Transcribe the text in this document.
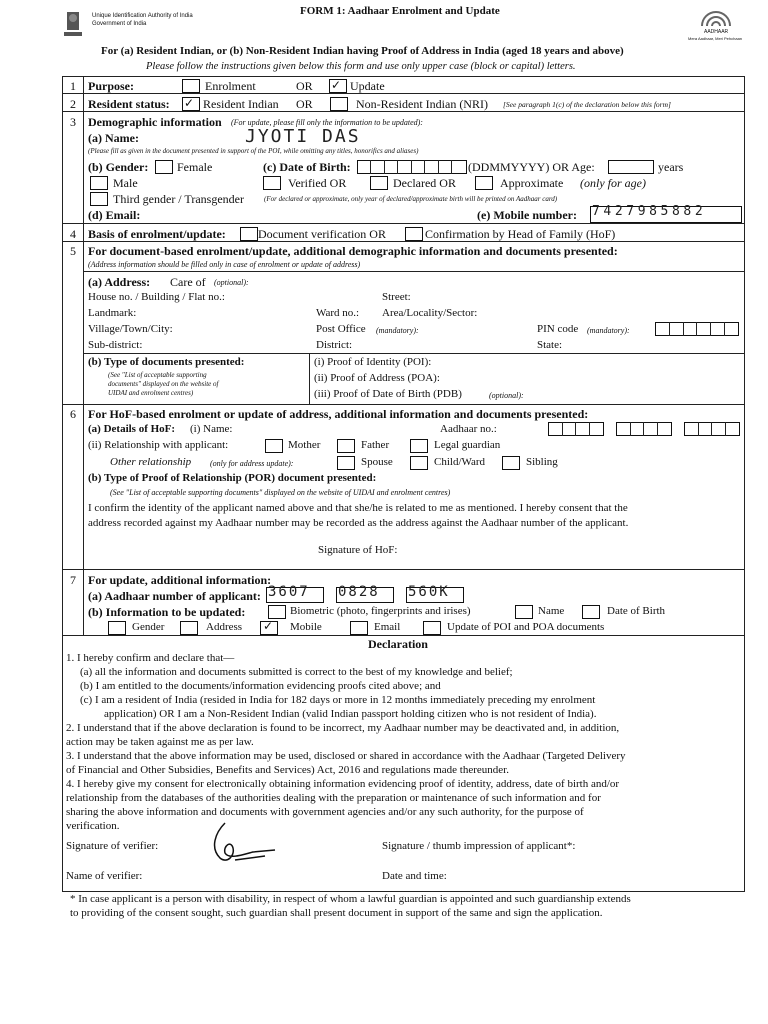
Unique Identification Authority of India
Government of India
FORM 1: Aadhaar Enrolment and Update
AADHAAR
Mera Aadhaar, Meri Pehchaan
For (a) Resident Indian, or (b) Non-Resident Indian having Proof of Address in India (aged 18 years and above)
Please follow the instructions given below this form and use only upper case (block or capital) letters.
1 Purpose:	Enrolment	OR ✓ Update
2 Resident status: ✓ Resident Indian OR	Non-Resident Indian (NRI) [See paragraph 1(c) of the declaration below this form]
3 Demographic information (For update, please fill only the information to be updated):
(a) Name:	JYOTI DAS
(Please fill as given in the document presented in support of the POI, while omitting any titles, honorifics and aliases)
(b) Gender: Female	(c) Date of Birth:	(DDMMYYYY) OR Age:	years
Male	Verified OR	Declared OR	Approximate (only for age)
Third gender / Transgender	(For declared or approximate, only year of declared/approximate birth will be printed on Aadhaar card)
(d) Email:	(e) Mobile number: 7427985882
4 Basis of enrolment/update:	Document verification OR	Confirmation by Head of Family (HoF)
5 For document-based enrolment/update, additional demographic information and documents presented:
(Address information should be filled only in case of enrolment or update of address)
(a) Address: Care of (optional):
House no. / Building / Flat no.:	Street:
Landmark:	Ward no.: Area/Locality/Sector:
Village/Town/City:	Post Office (mandatory):	PIN code (mandatory):
Sub-district:	District:	State:
(b) Type of documents presented:
(See "List of acceptable supporting
documents" displayed on the website of
UIDAI and enrolment centres)
(i) Proof of Identity (POI):
(ii) Proof of Address (POA):
(iii) Proof of Date of Birth (PDB)	(optional):
6 For HoF-based enrolment or update of address, additional information and documents presented:
(a) Details of HoF: (i) Name:	Aadhaar no.:
(ii) Relationship with applicant:	Mother	Father	Legal guardian
Other relationship (only for address update):	Spouse	Child/Ward	Sibling
(b) Type of Proof of Relationship (POR) document presented:
(See "List of acceptable supporting documents" displayed on the website of UIDAI and enrolment centres)
I confirm the identity of the applicant named above and that she/he is related to me as mentioned. I hereby consent that the
address recorded against my Aadhaar number may be recorded as the address against the Aadhaar number of the applicant.
Signature of HoF:
7 For update, additional information:
(a) Aadhaar number of applicant: 3607 0828 560K
(b) Information to be updated:	Biometric (photo, fingerprints and irises)	Name	Date of Birth
Gender	Address ✓ Mobile	Email	Update of POI and POA documents
Declaration
1. I hereby confirm and declare that—
(a) all the information and documents submitted is correct to the best of my knowledge and belief;
(b) I am entitled to the documents/information evidencing proofs cited above; and
(c) I am a resident of India (resided in India for 182 days or more in 12 months immediately preceding my enrolment
application) OR I am a Non-Resident Indian (valid Indian passport holding citizen who is not resident of India).
2. I understand that if the above declaration is found to be incorrect, my Aadhaar number may be deactivated and, in addition,
action may be taken against me as per law.
3. I understand that the above information may be used, disclosed or shared in accordance with the Aadhaar (Targeted Delivery
of Financial and Other Subsidies, Benefits and Services) Act, 2016 and regulations made thereunder.
4. I hereby give my consent for electronically obtaining information evidencing proof of identity, address, date of birth and/or
relationship from the databases of the authorities dealing with the preparation or maintenance of such information and for
sharing the above information and documents with government agencies and/or any such authority, for the purpose of
verification.
Signature of verifier:	Signature / thumb impression of applicant*:
Name of verifier:	Date and time:
* In case applicant is a person with disability, in respect of whom a lawful guardian is appointed and such guardianship extends
to providing of the consent sought, such guardian shall present document in support of the same and sign the application.
